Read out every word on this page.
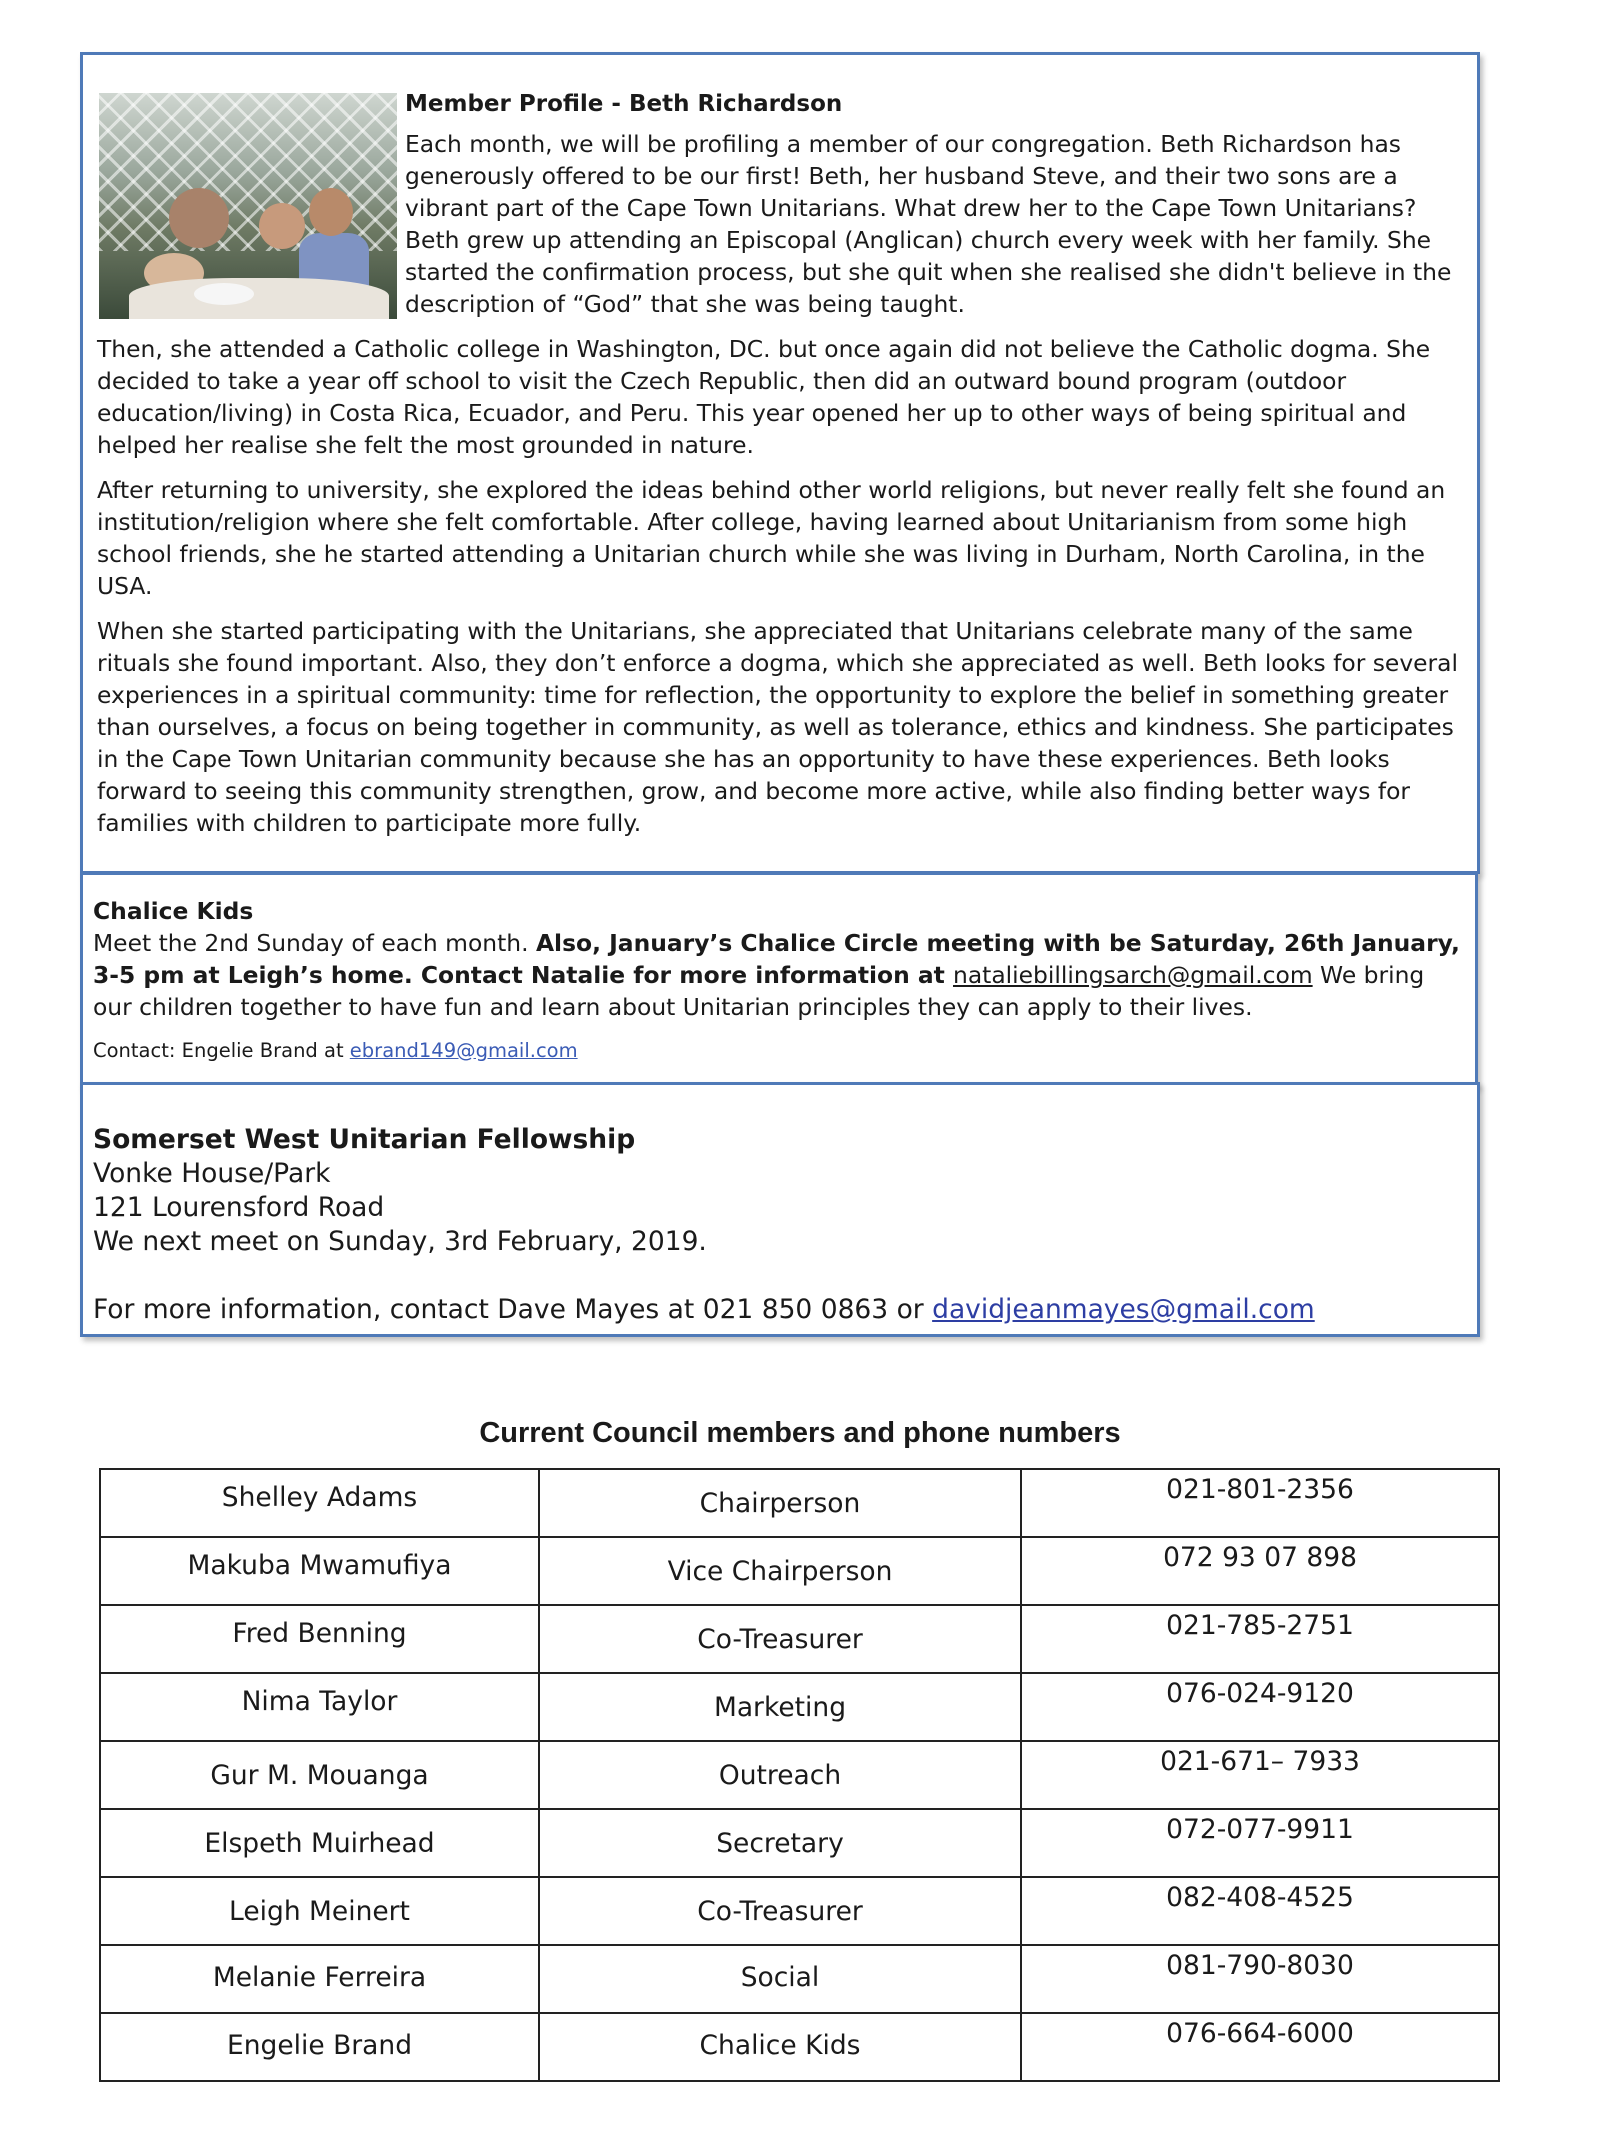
Member Profile - Beth Richardson

Each month, we will be profiling a member of our congregation. Beth Richardson has generously offered to be our first! Beth, her husband Steve, and their two sons are a vibrant part of the Cape Town Unitarians. What drew her to the Cape Town Unitarians? Beth grew up attending an Episcopal (Anglican) church every week with her family. She started the confirmation process, but she quit when she realised she didn't believe in the description of “God” that she was being taught.

Then, she attended a Catholic college in Washington, DC. but once again did not believe the Catholic dogma. She decided to take a year off school to visit the Czech Republic, then did an outward bound program (outdoor education/living) in Costa Rica, Ecuador, and Peru. This year opened her up to other ways of being spiritual and helped her realise she felt the most grounded in nature.

After returning to university, she explored the ideas behind other world religions, but never really felt she found an institution/religion where she felt comfortable. After college, having learned about Unitarianism from some high school friends, she he started attending a Unitarian church while she was living in Durham, North Carolina, in the USA.

When she started participating with the Unitarians, she appreciated that Unitarians celebrate many of the same rituals she found important. Also, they don’t enforce a dogma, which she appreciated as well. Beth looks for several experiences in a spiritual community: time for reflection, the opportunity to explore the belief in something greater than ourselves, a focus on being together in community, as well as tolerance, ethics and kindness. She participates in the Cape Town Unitarian community because she has an opportunity to have these experiences. Beth looks forward to seeing this community strengthen, grow, and become more active, while also finding better ways for families with children to participate more fully.

Chalice Kids
Meet the 2nd Sunday of each month. Also, January’s Chalice Circle meeting with be Saturday, 26th January, 3-5 pm at Leigh’s home. Contact Natalie for more information at nataliebillingsarch@gmail.com We bring our children together to have fun and learn about Unitarian principles they can apply to their lives.
Contact: Engelie Brand at ebrand149@gmail.com
Somerset West Unitarian Fellowship
Vonke House/Park
121 Lourensford Road
We next meet on Sunday, 3rd February, 2019.
For more information, contact Dave Mayes at 021 850 0863 or davidjeanmayes@gmail.com
Current Council members and phone numbers
Shelley Adams	Chairperson	021-801-2356

Makuba Mwamufiya	Vice Chairperson	072 93 07 898

Fred Benning	Co-Treasurer	021-785-2751

Nima Taylor	Marketing	076-024-9120

Gur M. Mouanga	Outreach	021-671– 7933

Elspeth Muirhead	Secretary	072-077-9911

Leigh Meinert	Co-Treasurer	082-408-4525

Melanie Ferreira	Social	081-790-8030

Engelie Brand	Chalice Kids	076-664-6000
